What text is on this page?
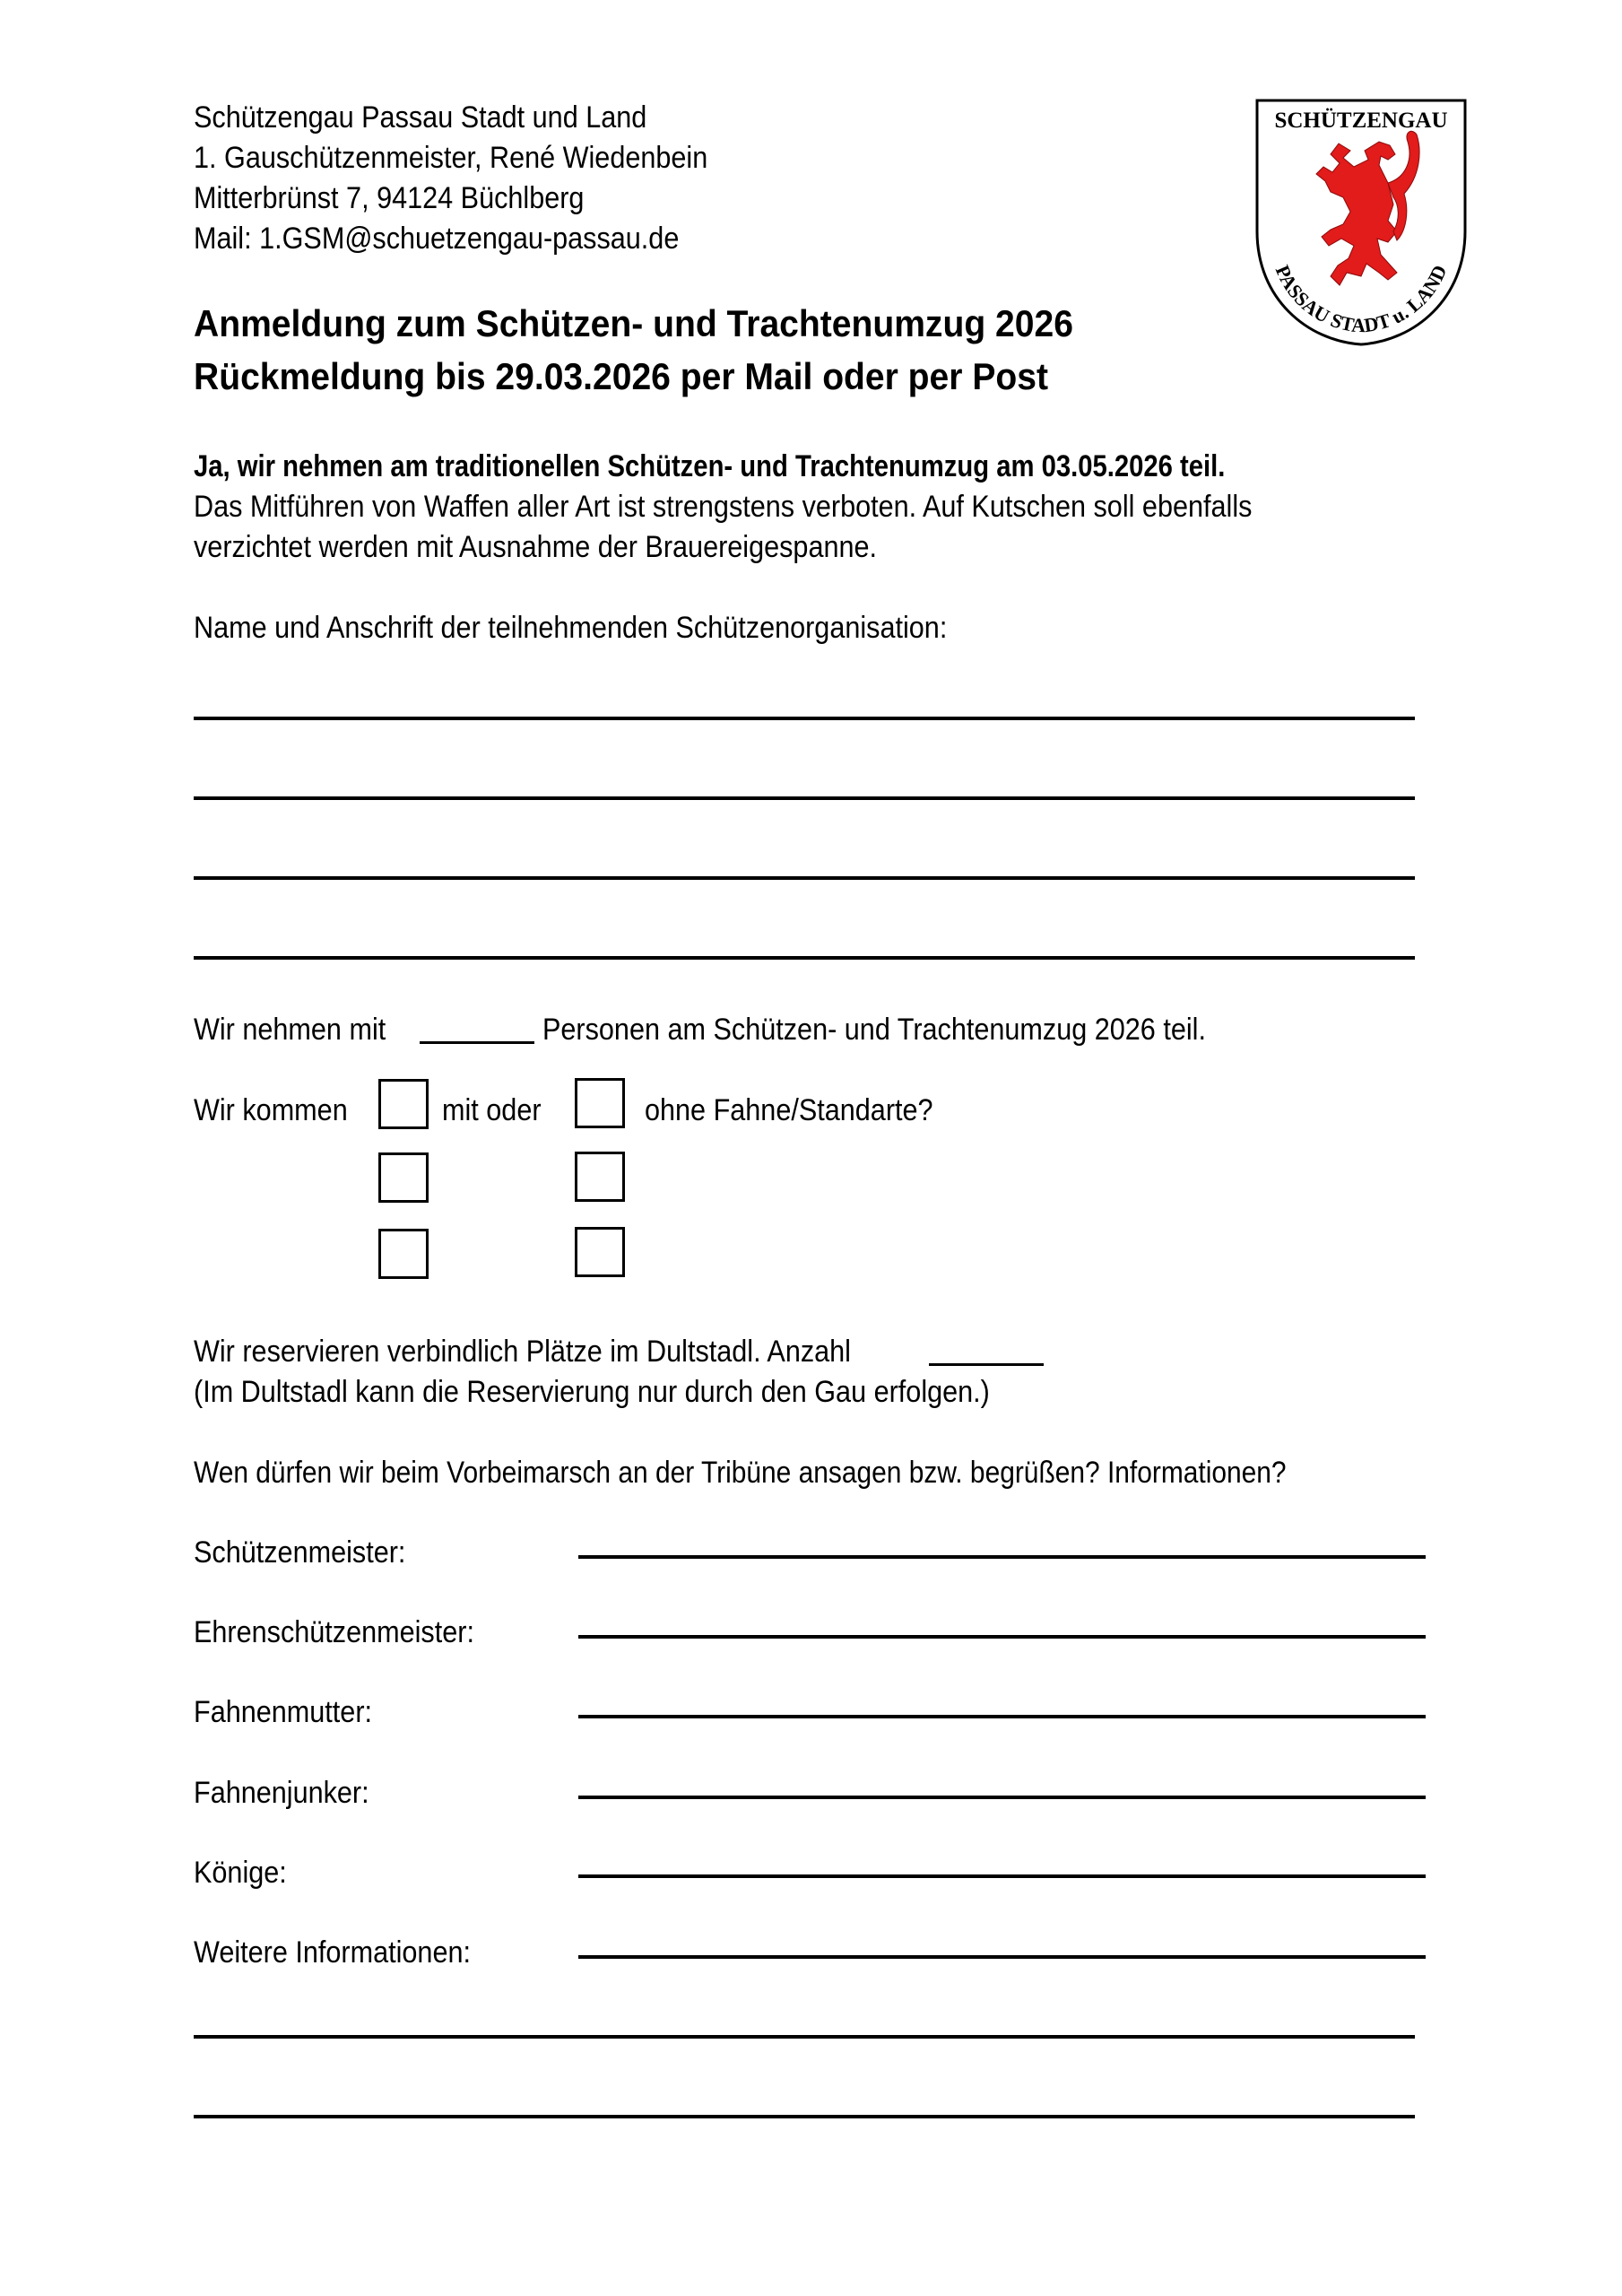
Schützengau Passau Stadt und Land
1. Gauschützenmeister, René Wiedenbein
Mitterbrünst 7, 94124 Büchlberg
Mail: 1.GSM@schuetzengau-passau.de
SCHÜTZENGAU
PASSAU STADT u. LAND
Anmeldung zum Schützen- und Trachtenumzug 2026
Rückmeldung bis 29.03.2026 per Mail oder per Post
Ja, wir nehmen am traditionellen Schützen- und Trachtenumzug am 03.05.2026 teil.
Das Mitführen von Waffen aller Art ist strengstens verboten. Auf Kutschen soll ebenfalls
verzichtet werden mit Ausnahme der Brauereigespanne.
Name und Anschrift der teilnehmenden Schützenorganisation:
Wir nehmen mit	Personen am Schützen- und Trachtenumzug 2026 teil.
Wir kommen	mit oder	ohne Fahne/Standarte?
Wir reservieren verbindlich Plätze im Dultstadl. Anzahl
(Im Dultstadl kann die Reservierung nur durch den Gau erfolgen.)
Wen dürfen wir beim Vorbeimarsch an der Tribüne ansagen bzw. begrüßen? Informationen?
Schützenmeister:
Ehrenschützenmeister:
Fahnenmutter:
Fahnenjunker:
Könige:
Weitere Informationen:
